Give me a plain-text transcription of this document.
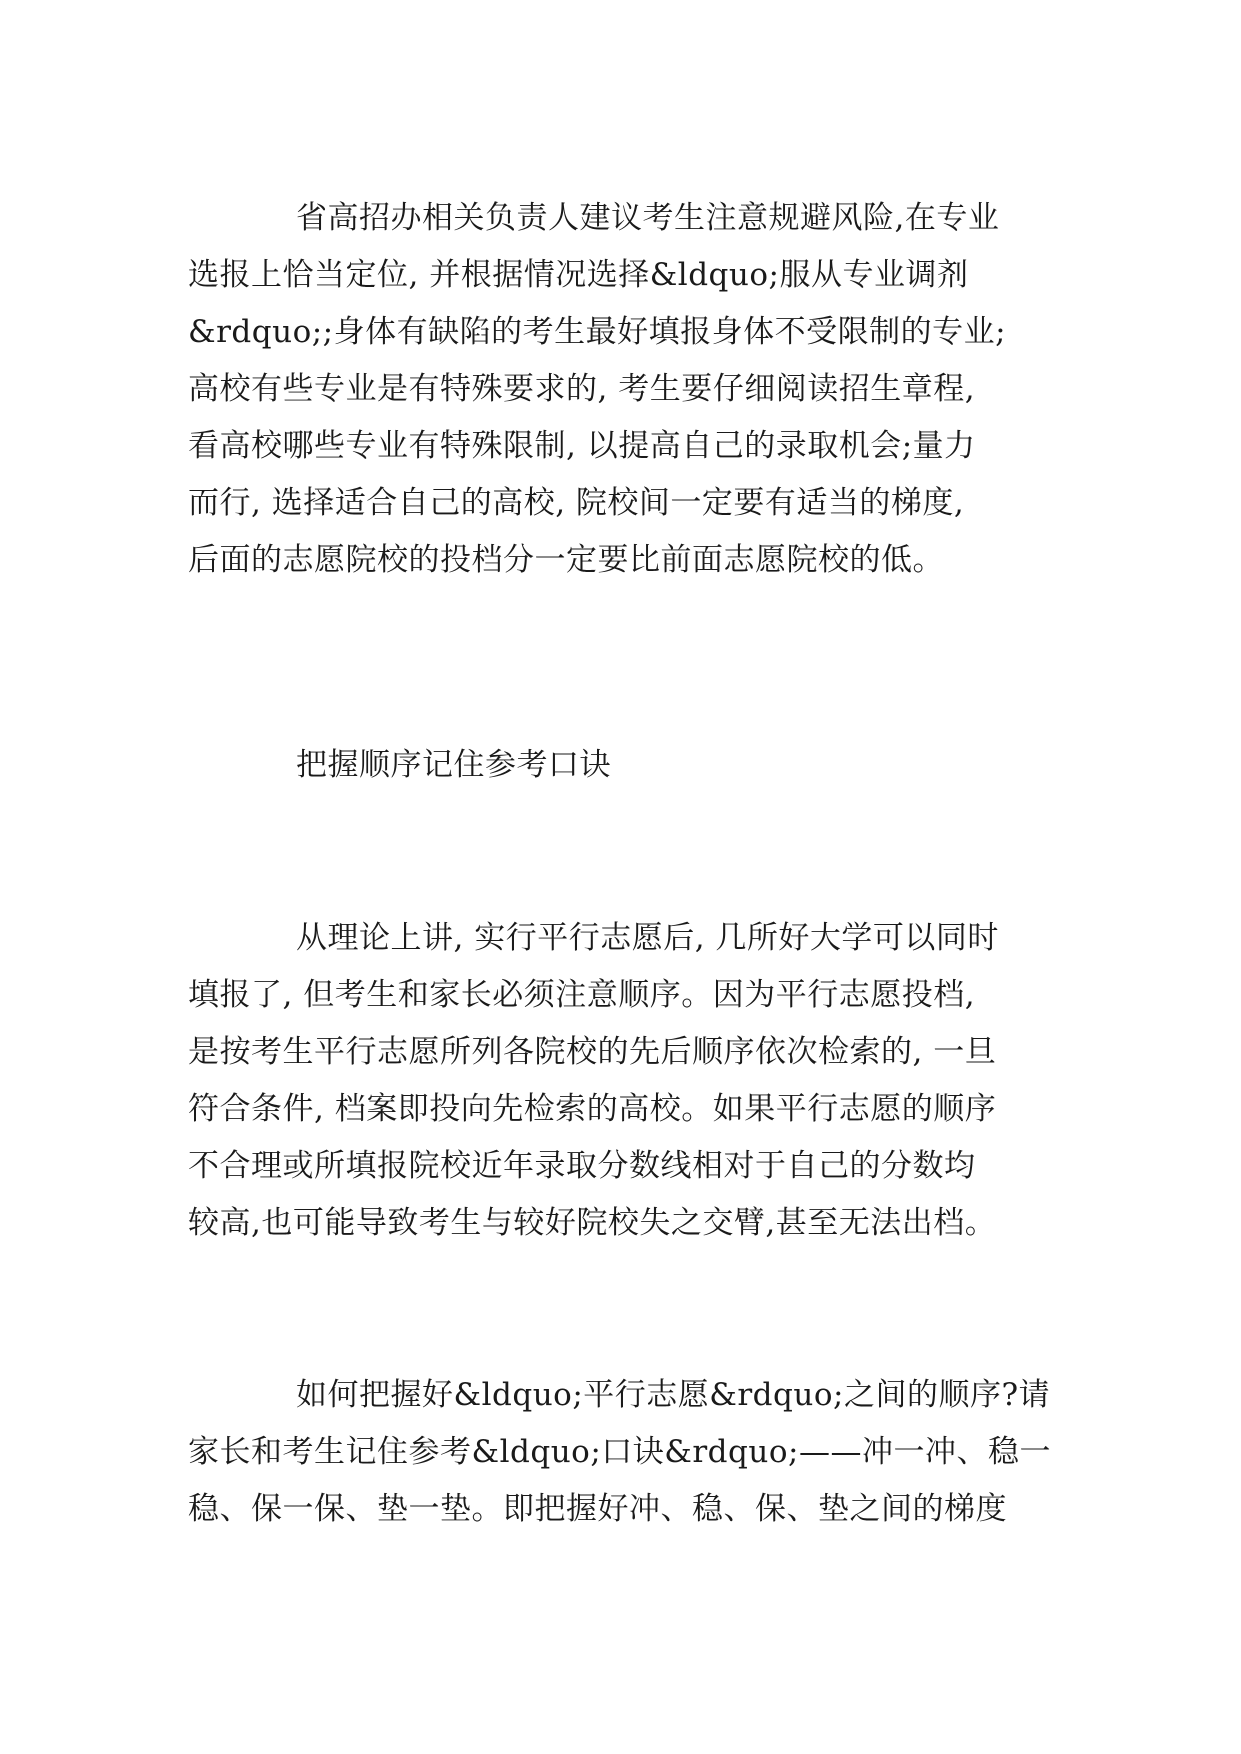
省高招办相关负责人建议考生注意规避风险,在专业
选报上恰当定位, 并根据情况选择&ldquo;服从专业调剂
&rdquo;;身体有缺陷的考生最好填报身体不受限制的专业;
高校有些专业是有特殊要求的, 考生要仔细阅读招生章程,
看高校哪些专业有特殊限制, 以提高自己的录取机会;量力
而行, 选择适合自己的高校, 院校间一定要有适当的梯度,
后面的志愿院校的投档分一定要比前面志愿院校的低。
把握顺序记住参考口诀
从理论上讲, 实行平行志愿后, 几所好大学可以同时
填报了, 但考生和家长必须注意顺序。因为平行志愿投档,
是按考生平行志愿所列各院校的先后顺序依次检索的, 一旦
符合条件, 档案即投向先检索的高校。如果平行志愿的顺序
不合理或所填报院校近年录取分数线相对于自己的分数均
较高,也可能导致考生与较好院校失之交臂,甚至无法出档。
如何把握好&ldquo;平行志愿&rdquo;之间的顺序?请
家长和考生记住参考&ldquo;口诀&rdquo;——冲一冲、稳一
稳、保一保、垫一垫。即把握好冲、稳、保、垫之间的梯度
